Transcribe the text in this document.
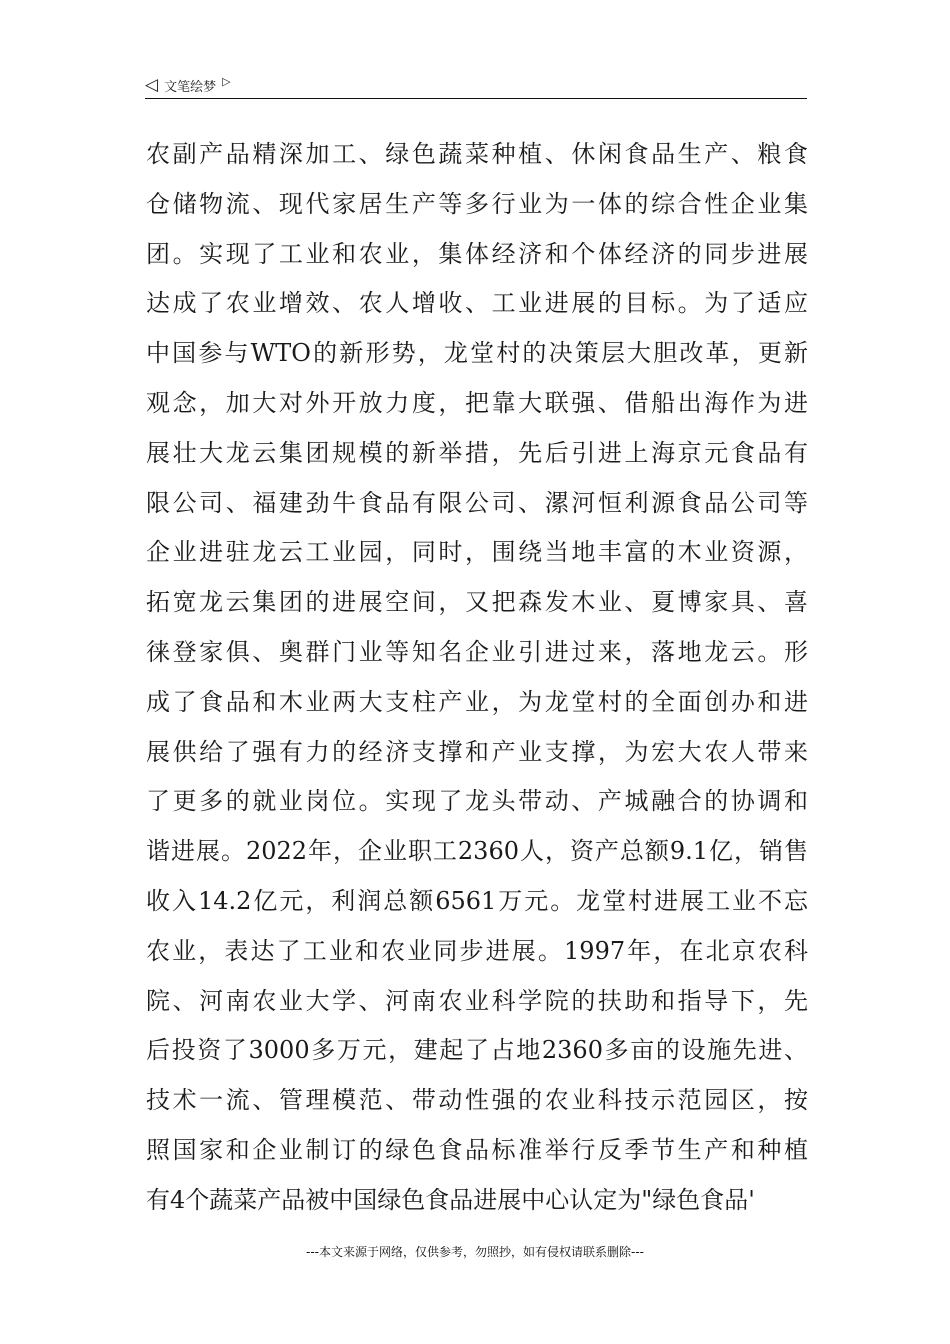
◁ 文笔绘梦 ▷
农副产品精深加工、绿色蔬菜种植、休闲食品生产、粮食
仓储物流、现代家居生产等多行业为一体的综合性企业集
团。实现了工业和农业，集体经济和个体经济的同步进展
达成了农业增效、农人增收、工业进展的目标。为了适应
中国参与WTO的新形势，龙堂村的决策层大胆改革，更新
观念，加大对外开放力度，把靠大联强、借船出海作为进
展壮大龙云集团规模的新举措，先后引进上海京元食品有
限公司、福建劲牛食品有限公司、漯河恒利源食品公司等
企业进驻龙云工业园，同时，围绕当地丰富的木业资源，
拓宽龙云集团的进展空间，又把森发木业、夏博家具、喜
徕登家俱、奥群门业等知名企业引进过来，落地龙云。形
成了食品和木业两大支柱产业，为龙堂村的全面创办和进
展供给了强有力的经济支撑和产业支撑，为宏大农人带来
了更多的就业岗位。实现了龙头带动、产城融合的协调和
谐进展。2022年，企业职工2360人，资产总额9.1亿，销售
收入14.2亿元，利润总额6561万元。龙堂村进展工业不忘
农业，表达了工业和农业同步进展。1997年，在北京农科
院、河南农业大学、河南农业科学院的扶助和指导下，先
后投资了3000多万元，建起了占地2360多亩的设施先进、
技术一流、管理模范、带动性强的农业科技示范园区，按
照国家和企业制订的绿色食品标准举行反季节生产和种植
有4个蔬菜产品被中国绿色食品进展中心认定为"绿色食品'
---本文来源于网络，仅供参考，勿照抄，如有侵权请联系删除---
